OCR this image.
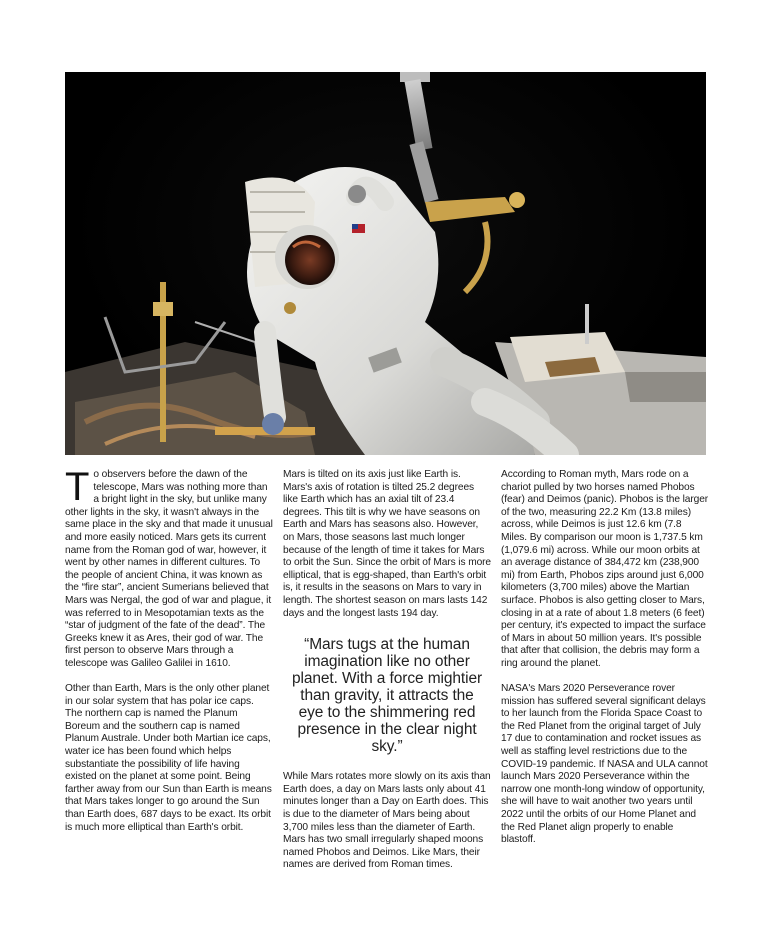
To observers before the dawn of the telescope, Mars was nothing more than a bright light in the sky, but unlike many other lights in the sky, it wasn't always in the same place in the sky and that made it unusual and more easily noticed. Mars gets its current name from the Roman god of war, however, it went by other names in different cultures. To the people of ancient China, it was known as the “fire star”, ancient Sumerians believed that Mars was Nergal, the god of war and plague, it was referred to in Mesopotamian texts as the “star of judgment of the fate of the dead”. The Greeks knew it as Ares, their god of war. The first person to observe Mars through a telescope was Galileo Galilei in 1610.

Other than Earth, Mars is the only other planet in our solar system that has polar ice caps. The northern cap is named the Planum Boreum and the southern cap is named Planum Australe. Under both Martian ice caps, water ice has been found which helps substantiate the possibility of life having existed on the planet at some point. Being farther away from our Sun than Earth is means that Mars takes longer to go around the Sun than Earth does, 687 days to be exact. Its orbit is much more elliptical than Earth's orbit.

Mars is tilted on its axis just like Earth is. Mars's axis of rotation is tilted 25.2 degrees like Earth which has an axial tilt of 23.4 degrees. This tilt is why we have seasons on Earth and Mars has seasons also. However, on Mars, those seasons last much longer because of the length of time it takes for Mars to orbit the Sun. Since the orbit of Mars is more elliptical, that is egg-shaped, than Earth's orbit is, it results in the seasons on Mars to vary in length. The shortest season on mars lasts 142 days and the longest lasts 194 day.

“Mars tugs at the human imagination like no other planet. With a force mightier than gravity, it attracts the eye to the shimmering red presence in the clear night sky.”

While Mars rotates more slowly on its axis than Earth does, a day on Mars lasts only about 41 minutes longer than a Day on Earth does. This is due to the diameter of Mars being about 3,700 miles less than the diameter of Earth. Mars has two small irregularly shaped moons named Phobos and Deimos. Like Mars, their names are derived from Roman times.

According to Roman myth, Mars rode on a chariot pulled by two horses named Phobos (fear) and Deimos (panic). Phobos is the larger of the two, measuring 22.2 Km (13.8 miles) across, while Deimos is just 12.6 km (7.8 Miles. By comparison our moon is 1,737.5 km (1,079.6 mi) across. While our moon orbits at an average distance of 384,472 km (238,900 mi) from Earth, Phobos zips around just 6,000 kilometers (3,700 miles) above the Martian surface. Phobos is also getting closer to Mars, closing in at a rate of about 1.8 meters (6 feet) per century, it's expected to impact the surface of Mars in about 50 million years. It's possible that after that collision, the debris may form a ring around the planet.

NASA's Mars 2020 Perseverance rover mission has suffered several significant delays to her launch from the Florida Space Coast to the Red Planet from the original target of July 17 due to contamination and rocket issues as well as staffing level restrictions due to the COVID-19 pandemic. If NASA and ULA cannot launch Mars 2020 Perseverance within the narrow one month-long window of opportunity, she will have to wait another two years until 2022 until the orbits of our Home Planet and the Red Planet align properly to enable blastoff.
